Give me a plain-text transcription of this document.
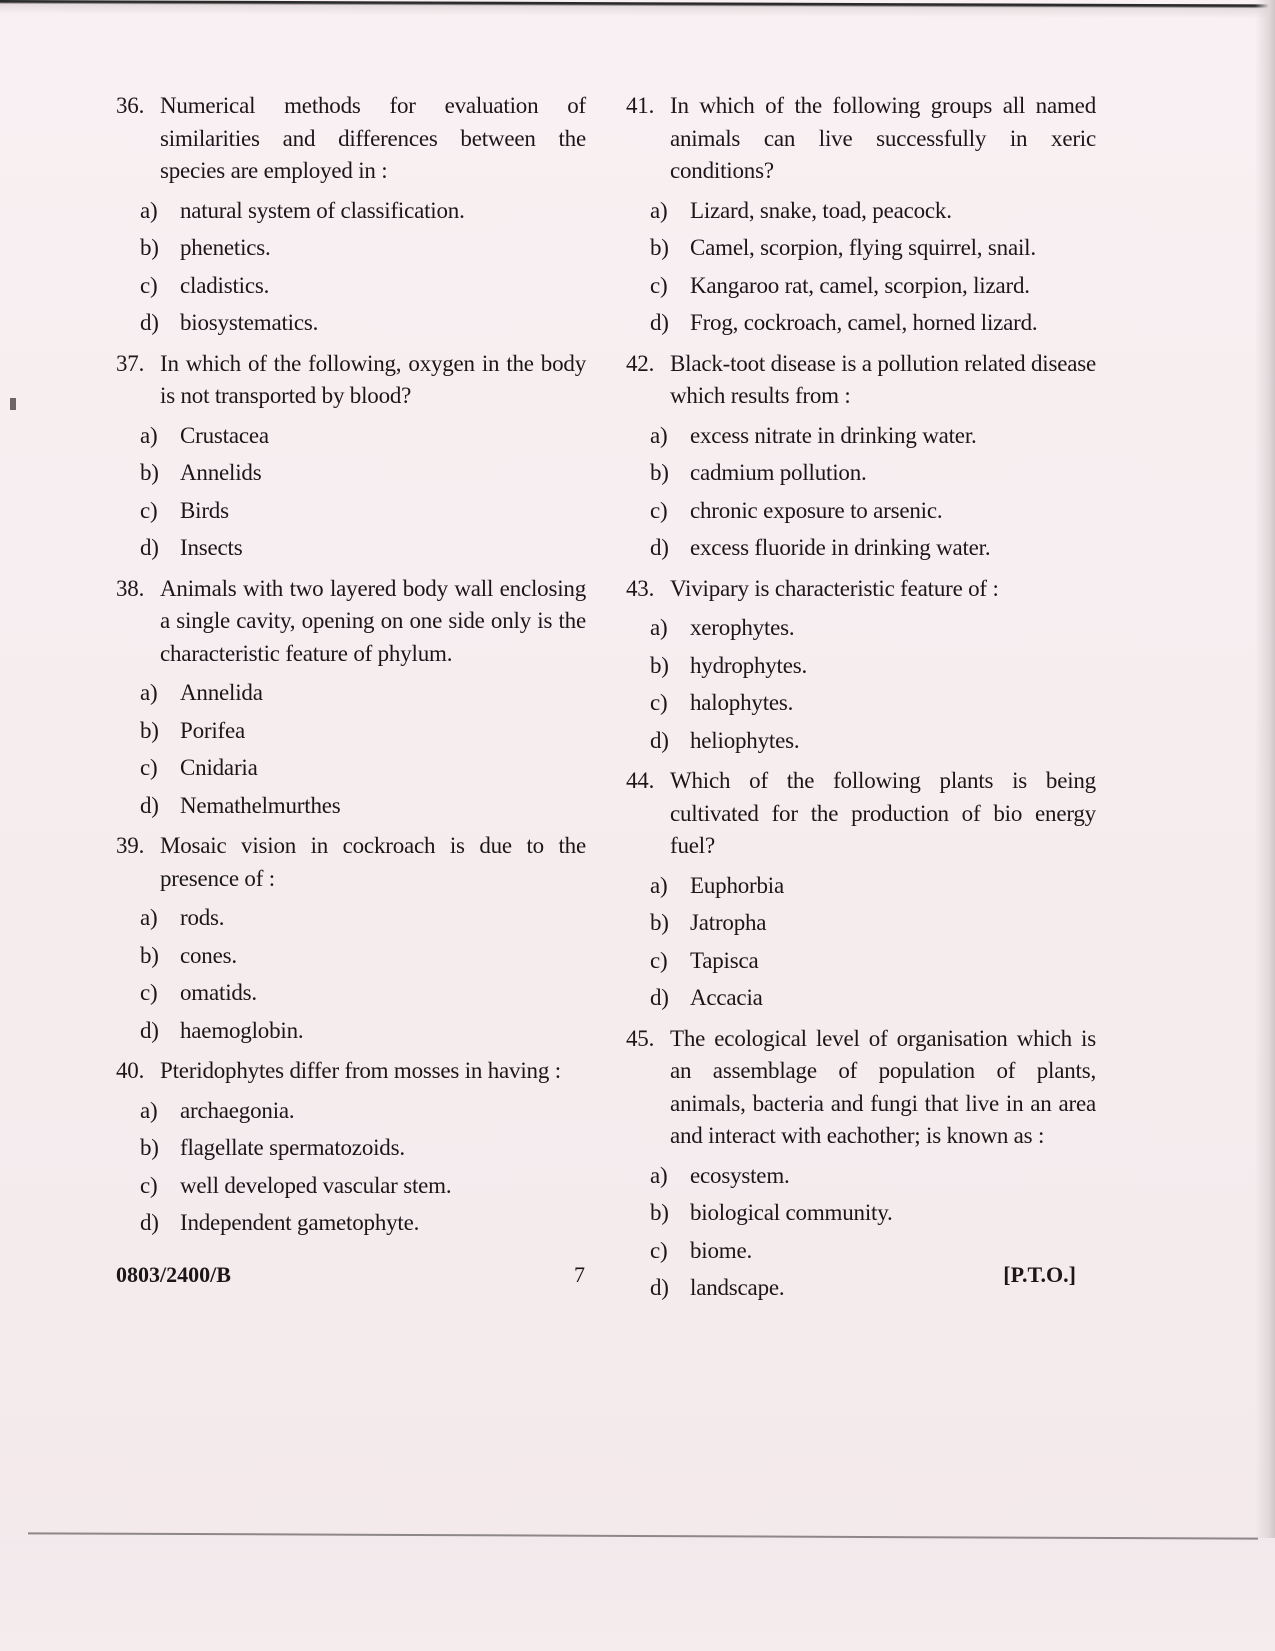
36. Numerical methods for evaluation of similarities and differences between the species are employed in :
a) natural system of classification.
b) phenetics.
c) cladistics.
d) biosystematics.
37. In which of the following, oxygen in the body is not transported by blood?
a) Crustacea
b) Annelids
c) Birds
d) Insects
38. Animals with two layered body wall enclosing a single cavity, opening on one side only is the characteristic feature of phylum.
a) Annelida
b) Porifea
c) Cnidaria
d) Nemathelmurthes
39. Mosaic vision in cockroach is due to the presence of :
a) rods.
b) cones.
c) omatids.
d) haemoglobin.
40. Pteridophytes differ from mosses in having :
a) archaegonia.
b) flagellate spermatozoids.
c) well developed vascular stem.
d) Independent gametophyte.
41. In which of the following groups all named animals can live successfully in xeric conditions?
a) Lizard, snake, toad, peacock.
b) Camel, scorpion, flying squirrel, snail.
c) Kangaroo rat, camel, scorpion, lizard.
d) Frog, cockroach, camel, horned lizard.
42. Black-toot disease is a pollution related disease which results from :
a) excess nitrate in drinking water.
b) cadmium pollution.
c) chronic exposure to arsenic.
d) excess fluoride in drinking water.
43. Vivipary is characteristic feature of :
a) xerophytes.
b) hydrophytes.
c) halophytes.
d) heliophytes.
44. Which of the following plants is being cultivated for the production of bio energy fuel?
a) Euphorbia
b) Jatropha
c) Tapisca
d) Accacia
45. The ecological level of organisation which is an assemblage of population of plants, animals, bacteria and fungi that live in an area and interact with eachother; is known as :
a) ecosystem.
b) biological community.
c) biome.
d) landscape.
0803/2400/B	7	[P.T.O.]
